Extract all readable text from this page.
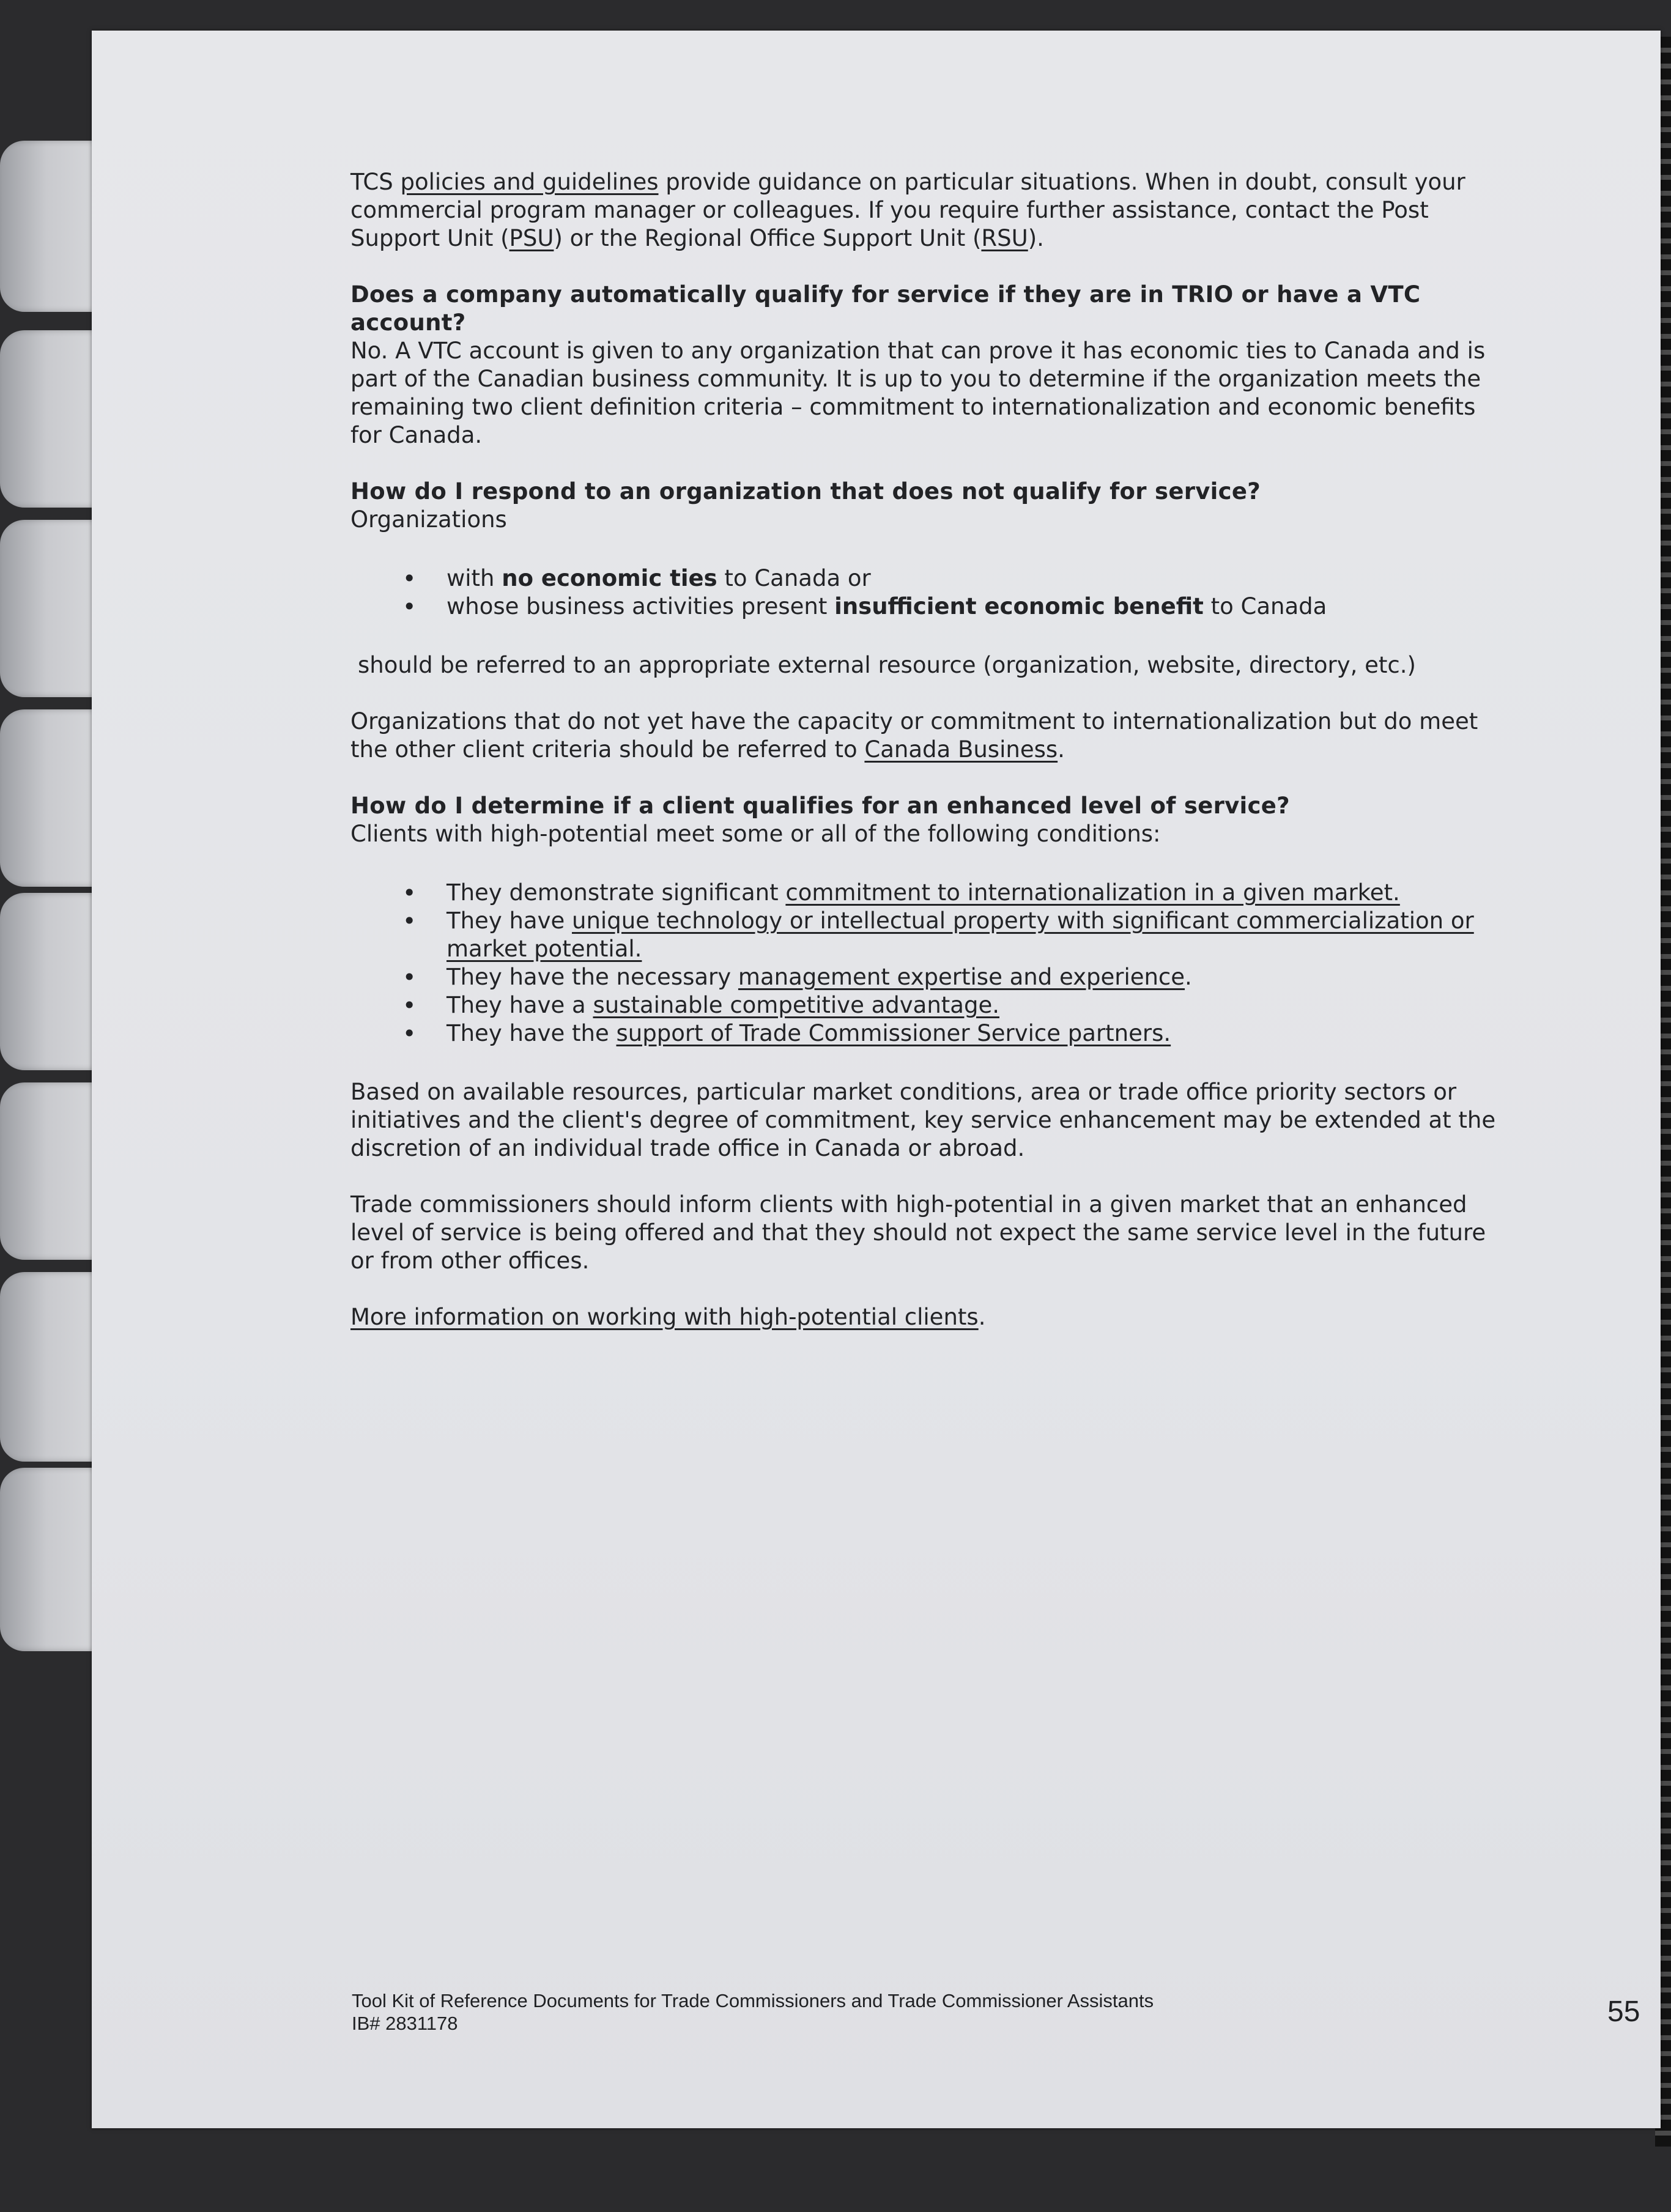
TCS policies and guidelines provide guidance on particular situations. When in doubt, consult your commercial program manager or colleagues. If you require further assistance, contact the Post Support Unit (PSU) or the Regional Office Support Unit (RSU).

Does a company automatically qualify for service if they are in TRIO or have a VTC account?

No. A VTC account is given to any organization that can prove it has economic ties to Canada and is part of the Canadian business community. It is up to you to determine if the organization meets the remaining two client definition criteria – commitment to internationalization and economic benefits for Canada.

How do I respond to an organization that does not qualify for service?

Organizations

• with no economic ties to Canada or
• whose business activities present insufficient economic benefit to Canada

should be referred to an appropriate external resource (organization, website, directory, etc.)

Organizations that do not yet have the capacity or commitment to internationalization but do meet the other client criteria should be referred to Canada Business.

How do I determine if a client qualifies for an enhanced level of service?

Clients with high-potential meet some or all of the following conditions:

• They demonstrate significant commitment to internationalization in a given market.
• They have unique technology or intellectual property with significant commercialization or market potential.
• They have the necessary management expertise and experience.
• They have a sustainable competitive advantage.
• They have the support of Trade Commissioner Service partners.

Based on available resources, particular market conditions, area or trade office priority sectors or initiatives and the client's degree of commitment, key service enhancement may be extended at the discretion of an individual trade office in Canada or abroad.

Trade commissioners should inform clients with high-potential in a given market that an enhanced level of service is being offered and that they should not expect the same service level in the future or from other offices.

More information on working with high-potential clients.

Tool Kit of Reference Documents for Trade Commissioners and Trade Commissioner Assistants
IB# 2831178	55
